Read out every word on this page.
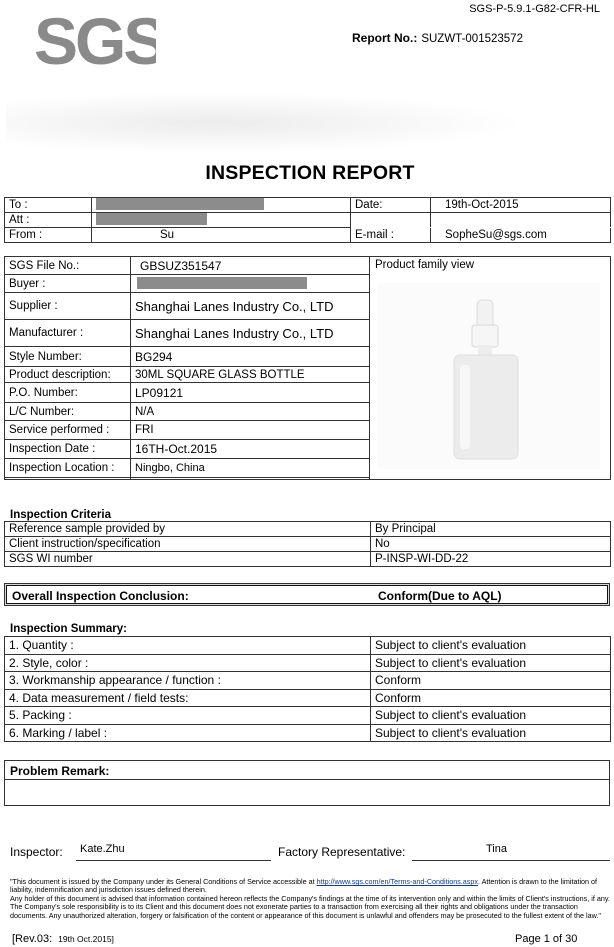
SGS	SGS-P-5.9.1-G82-CFR-HL
Report No.: SUZWT-001523572
INSPECTION REPORT
To :		Date:	19th-Oct-2015
Att :			
From :	Su	E-mail :	SopheSu@sgs.com
SGS File No.:	GBSUZ351547	Product family view

Buyer :		
Supplier :	Shanghai Lanes Industry Co., LTD	
Manufacturer :	Shanghai Lanes Industry Co., LTD	
Style Number:	BG294	
Product description:	30ML SQUARE GLASS BOTTLE	
P.O. Number:	LP09121	
L/C Number:	N/A	
Service performed :	FRI	
Inspection Date :	16TH-Oct.2015	
Inspection Location :	Ningbo, China	

Inspection Criteria
Reference sample provided by	By Principal
Client instruction/specification	No
SGS WI number	P-INSP-WI-DD-22
Overall Inspection Conclusion:	Conform(Due to AQL)
Inspection Summary:
1. Quantity :	Subject to client's evaluation
2. Style, color :	Subject to client's evaluation
3. Workmanship appearance / function :	Conform
4. Data measurement / field tests:	Conform
5. Packing :	Subject to client's evaluation
6. Marking / label :	Subject to client's evaluation
Problem Remark:
Inspector: Kate.Zhu	Factory Representative:	Tina
"This document is issued by the Company under its General Conditions of Service accessible at http://www.sgs.com/en/Terms-and-Conditions.aspx. Attention is drawn to the limitation of liability, indemnification and jurisdiction issues defined therein.
Any holder of this document is advised that information contained hereon reflects the Company's findings at the time of its intervention only and within the limits of Client's instructions, if any. The Company's sole responsibility is to its Client and this document does not exonerate parties to a transaction from exercising all their rights and obligations under the transaction documents. Any unauthorized alteration, forgery or falsification of the content or appearance of this document is unlawful and offenders may be prosecuted to the fullest extent of the law."
[Rev.03: 19th Oct.2015]	Page 1 of 30
